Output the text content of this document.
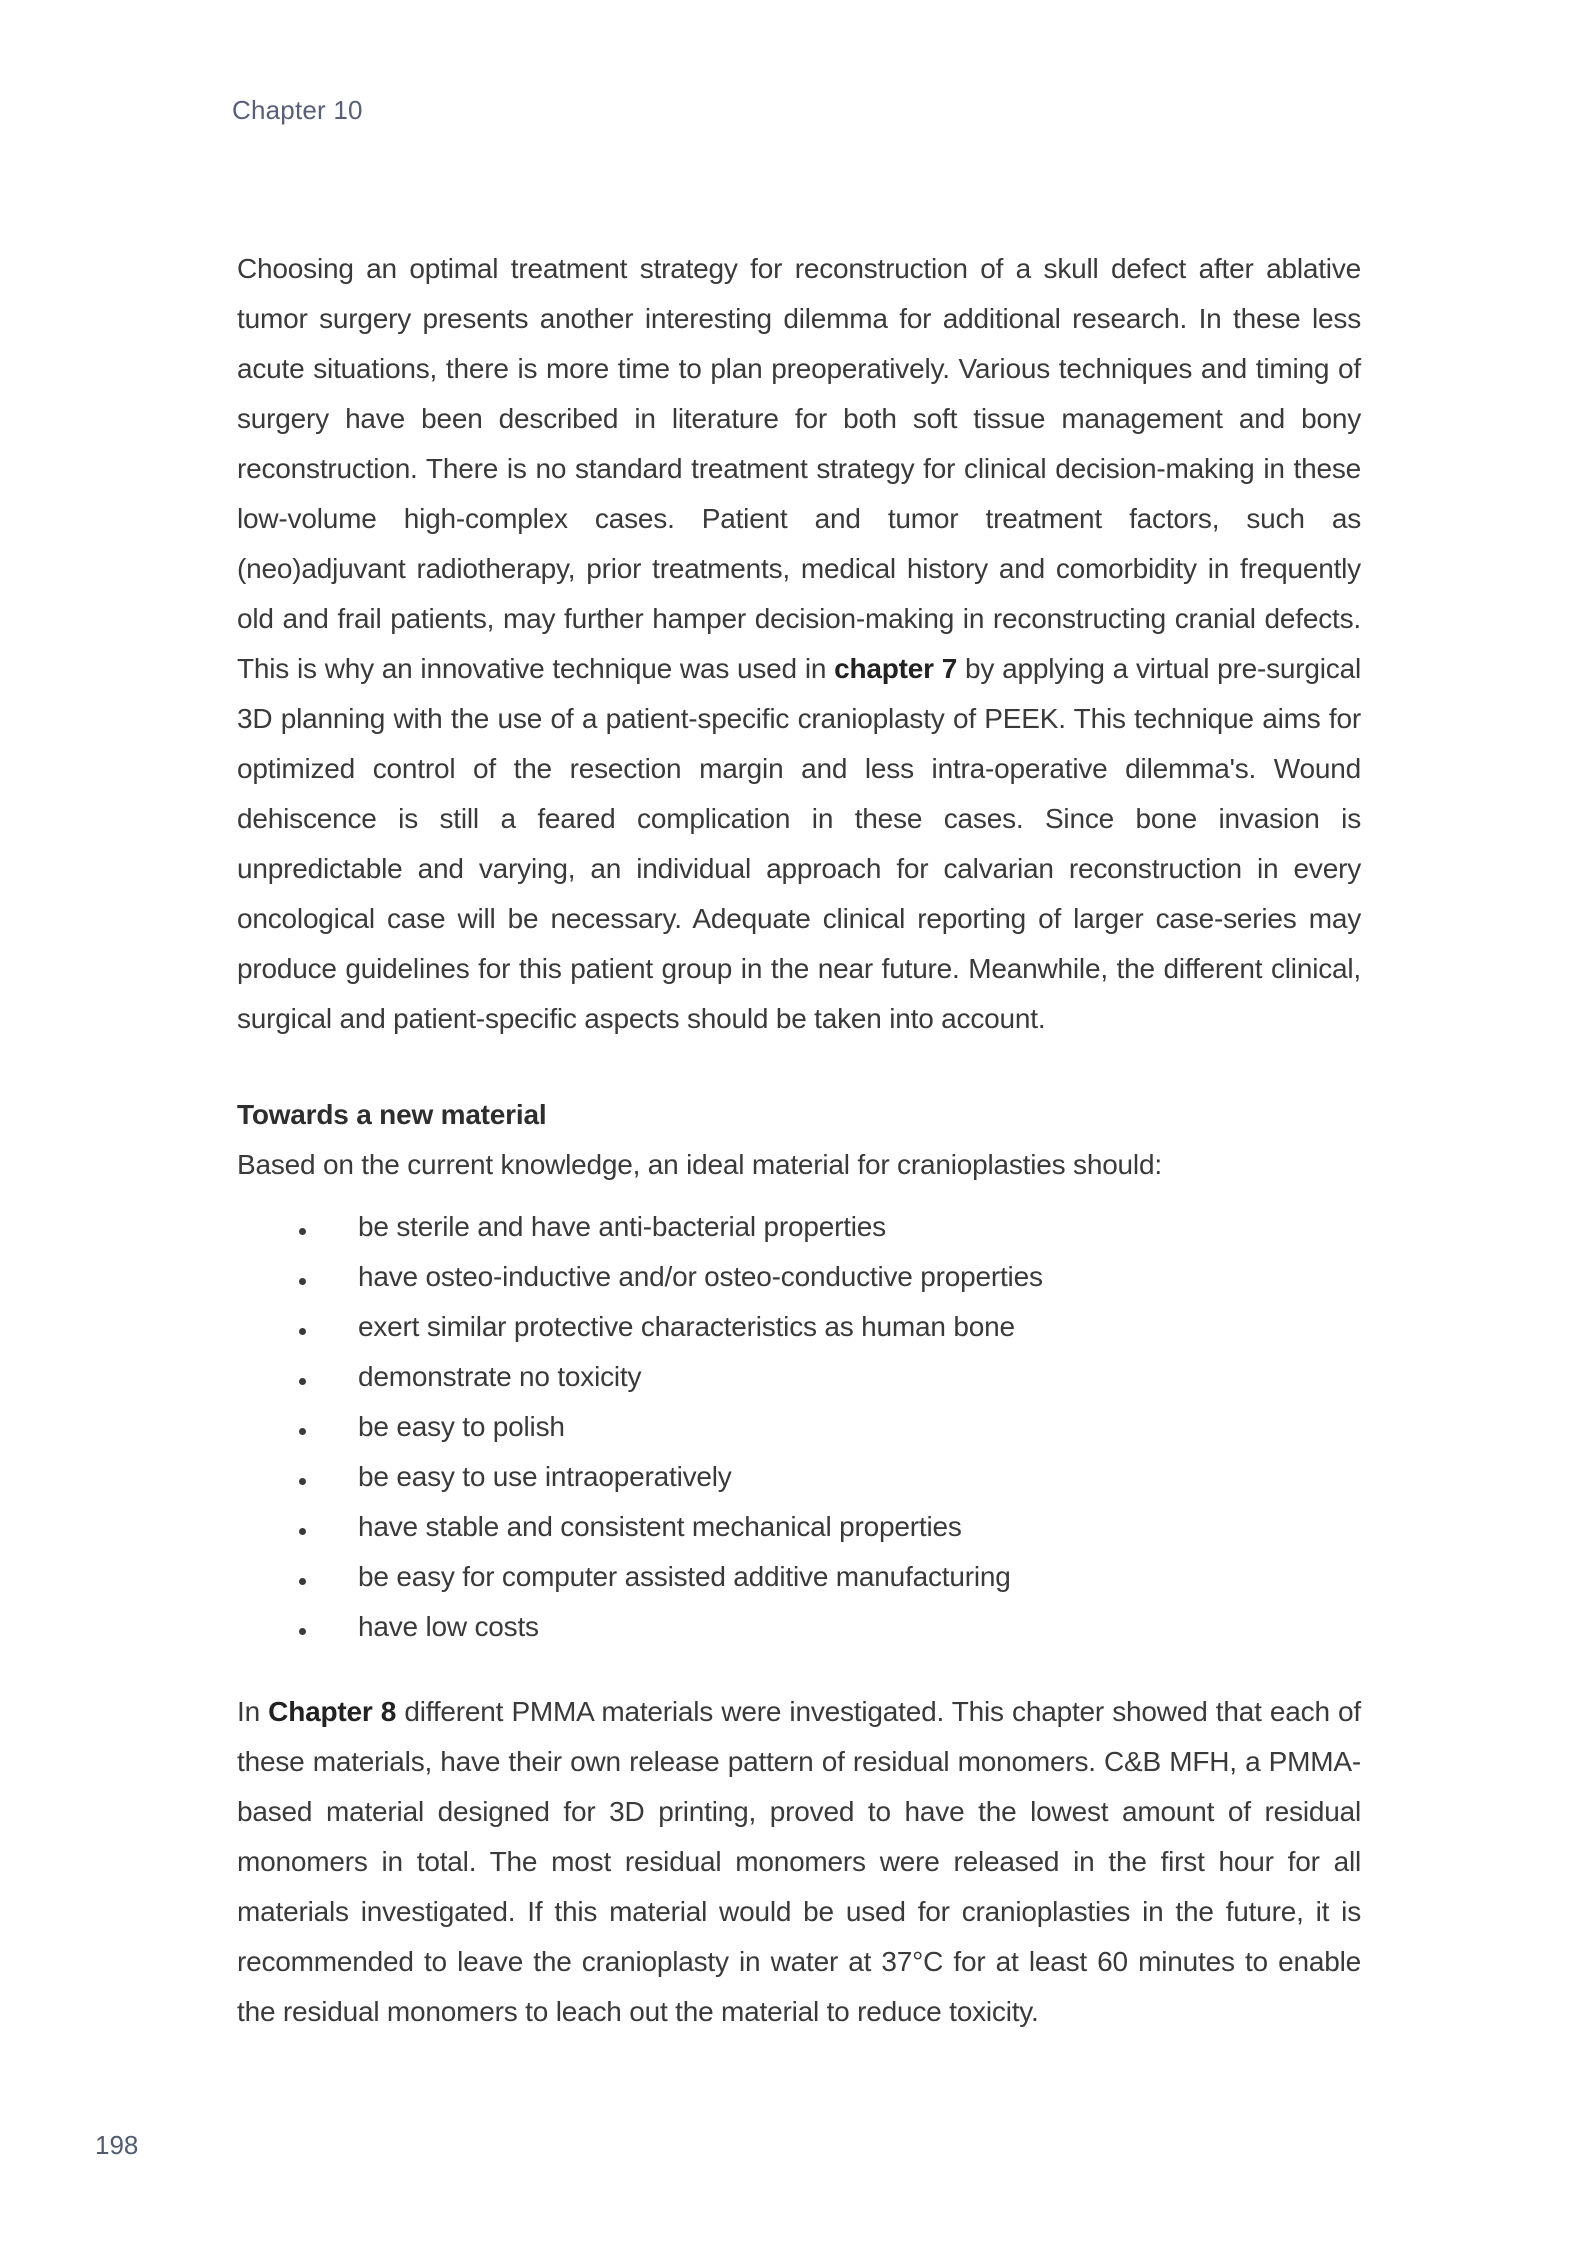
Chapter 10

Choosing an optimal treatment strategy for reconstruction of a skull defect after ablative tumor surgery presents another interesting dilemma for additional research. In these less acute situations, there is more time to plan preoperatively. Various techniques and timing of surgery have been described in literature for both soft tissue management and bony reconstruction. There is no standard treatment strategy for clinical decision-making in these low-volume high-complex cases. Patient and tumor treatment factors, such as (neo)adjuvant radiotherapy, prior treatments, medical history and comorbidity in frequently old and frail patients, may further hamper decision-making in reconstructing cranial defects. This is why an innovative technique was used in chapter 7 by applying a virtual pre-surgical 3D planning with the use of a patient-specific cranioplasty of PEEK. This technique aims for optimized control of the resection margin and less intra-operative dilemma's. Wound dehiscence is still a feared complication in these cases. Since bone invasion is unpredictable and varying, an individual approach for calvarian reconstruction in every oncological case will be necessary. Adequate clinical reporting of larger case-series may produce guidelines for this patient group in the near future. Meanwhile, the different clinical, surgical and patient-specific aspects should be taken into account.

Towards a new material

Based on the current knowledge, an ideal material for cranioplasties should:

be sterile and have anti-bacterial properties
have osteo-inductive and/or osteo-conductive properties
exert similar protective characteristics as human bone
demonstrate no toxicity
be easy to polish
be easy to use intraoperatively
have stable and consistent mechanical properties
be easy for computer assisted additive manufacturing
have low costs

In Chapter 8 different PMMA materials were investigated. This chapter showed that each of these materials, have their own release pattern of residual monomers. C&B MFH, a PMMA-based material designed for 3D printing, proved to have the lowest amount of residual monomers in total. The most residual monomers were released in the first hour for all materials investigated. If this material would be used for cranioplasties in the future, it is recommended to leave the cranioplasty in water at 37°C for at least 60 minutes to enable the residual monomers to leach out the material to reduce toxicity.

198
